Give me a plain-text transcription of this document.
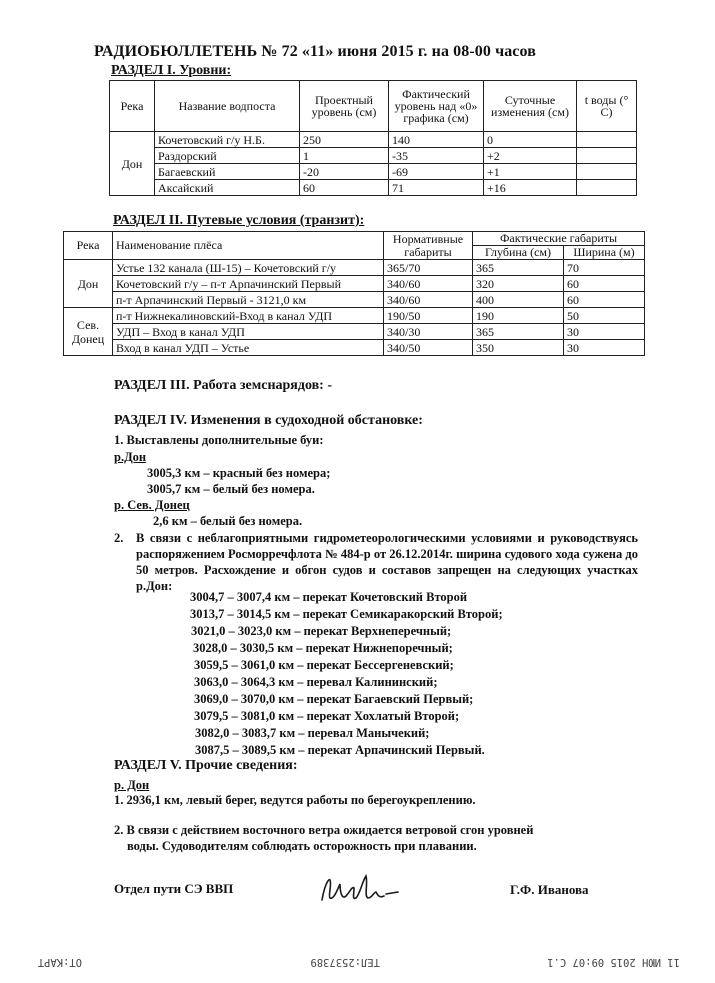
РАДИОБЮЛЛЕТЕНЬ № 72 «11» июня 2015 г. на 08-00 часов
РАЗДЕЛ I. Уровни:
Река	Название водпоста	Проектный уровень (см)	Фактический уровень над «0» графика (см)	Суточные изменения (см)	t воды (° С)
Дон	Кочетовский г/у Н.Б.	250	140	0	
	Раздорский	1	-35	+2	
	Багаевский	-20	-69	+1	
	Аксайский	60	71	+16	
РАЗДЕЛ II. Путевые условия (транзит):
Река	Наименование плёса	Нормативные габариты	Фактические габариты	
			Глубина (см)	Ширина (м)
Дон	Устье 132 канала (Ш-15) – Кочетовский г/у	365/70	365	70
	Кочетовский г/у – п-т Арпачинский Первый	340/60	320	60
	п-т Арпачинский Первый - 3121,0 км	340/60	400	60
Сев. Донец	п-т Нижнекалиновский-Вход в канал УДП	190/50	190	50
	УДП – Вход в канал УДП	340/30	365	30
	Вход в канал УДП – Устье	340/50	350	30
РАЗДЕЛ III. Работа земснарядов: -
РАЗДЕЛ IV. Изменения в судоходной обстановке:
1. Выставлены дополнительные буи:
р.Дон
3005,3 км – красный без номера;
3005,7 км – белый без номера.
р. Сев. Донец
2,6 км – белый без номера.
2. В связи с неблагоприятными гидрометеорологическими условиями и руководствуясь распоряжением Росморречфлота № 484-р от 26.12.2014г. ширина судового хода сужена до 50 метров. Расхождение и обгон судов и составов запрещен на следующих участках р.Дон:
3004,7 – 3007,4 км – перекат Кочетовский Второй
3013,7 – 3014,5 км – перекат Семикаракорский Второй;
3021,0 – 3023,0 км – перекат Верхнеперечный;
3028,0 – 3030,5 км – перекат Нижнепоречный;
3059,5 – 3061,0 км – перекат Бессергеневский;
3063,0 – 3064,3 км – перевал Калининский;
3069,0 – 3070,0 км – перекат Багаевский Первый;
3079,5 – 3081,0 км – перекат Хохлатый Второй;
3082,0 – 3083,7 км – перевал Манычекий;
3087,5 – 3089,5 км – перекат Арпачинский Первый.
РАЗДЕЛ V. Прочие сведения:
р. Дон
1. 2936,1 км, левый берег, ведутся работы по берегоукреплению.
2. В связи с действием восточного ветра ожидается ветровой сгон уровней
воды. Судоводителям соблюдать осторожность при плавании.
Отдел пути СЭ ВВП	Г.Ф. Иванова
11 ИЮН 2015 09:07 С.1
ТЕЛ:2537389
OT:КАРТ
